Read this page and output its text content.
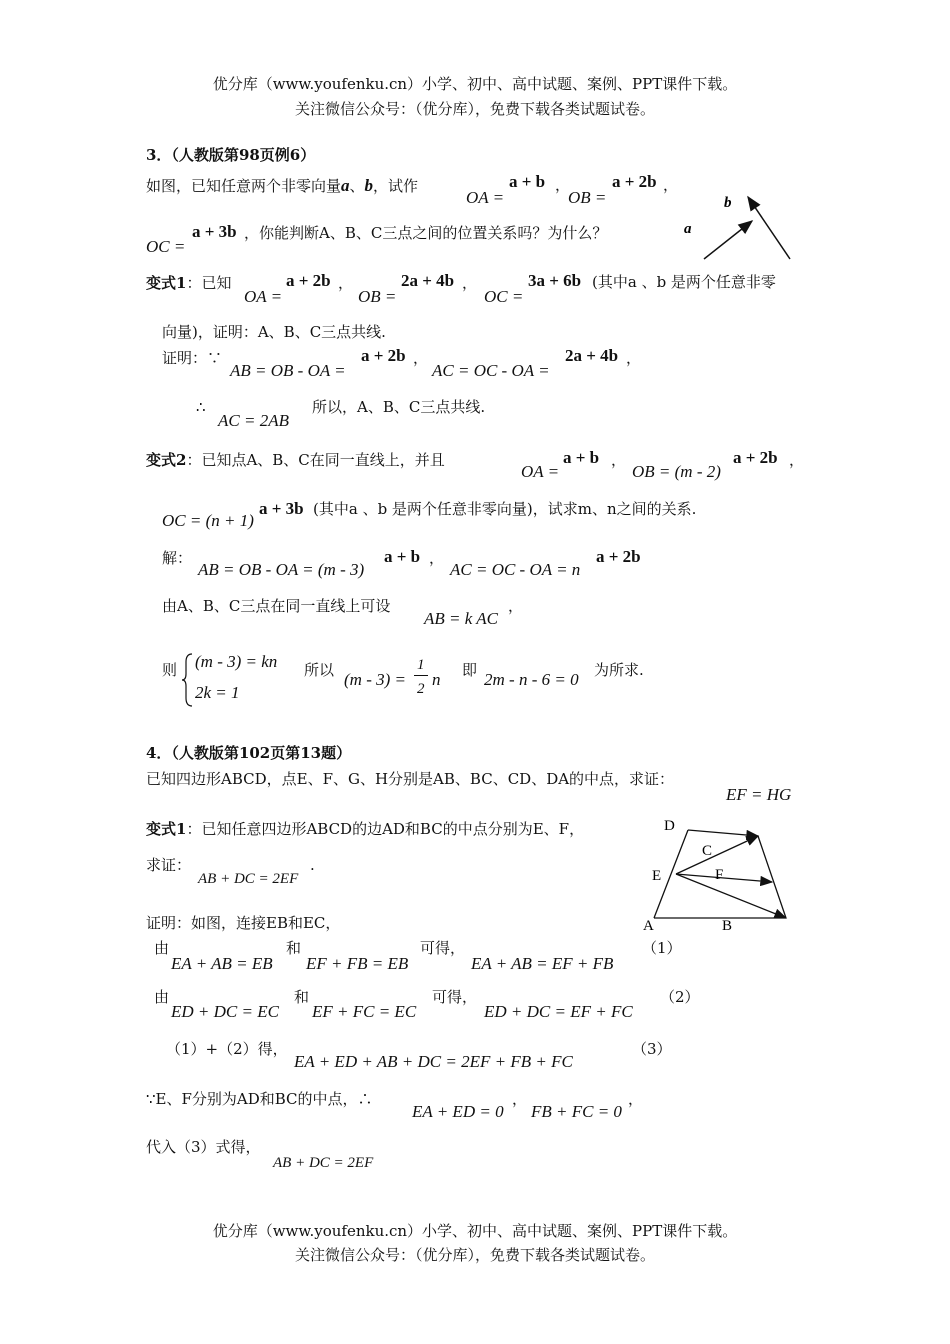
优分库（www.youfenku.cn）小学、初中、高中试题、案例、PPT课件下载。
关注微信公众号：（优分库），免费下载各类试题试卷。
3．（人教版第98页例6）
如图，已知任意两个非零向量a、b，试作
OA =
a + b ，
OB =
a + 2b ，
OC =
a + 3b ，你能判断A、B、C三点之间的位置关系吗？为什么？	a
b
变式1：已知
OA =
a + 2b ，
OB =
2a + 4b ，
OC =
3a + 6b (其中a 、b 是两个任意非零
向量)，证明：A、B、C三点共线.
证明：∵
AB = OB - OA =
a + 2b ，
AC = OC - OA =
2a + 4b ，
∴
AC = 2AB
所以，A、B、C三点共线.
变式2：已知点A、B、C在同一直线上，并且
OA =
a + b ，
OB = (m - 2)
a + 2b ，
OC = (n + 1)
a + 3b (其中a 、b 是两个任意非零向量)，试求m、n之间的关系.
解：
AB = OB - OA = (m - 3)
a + b ，
AC = OC - OA = n
a + 2b
由A、B、C三点在同一直线上可设
AB = k AC
，
则 (m - 3) = kn
2k = 1
所以 (m - 3) =
1
2 n 即 2m - n - 6 = 0 为所求.
4．（人教版第102页第13题）
已知四边形ABCD，点E、F、G、H分别是AB、BC、CD、DA的中点，求证：
EF = HG
变式1：已知任意四边形ABCD的边AD和BC的中点分别为E、F，
求证：
AB + DC = 2EF
.
D
C
E	F
A	B
证明：如图，连接EB和EC，
由
EA + AB = EB
和
EF + FB = EB
可得，
EA + AB = EF + FB
（1）
由
ED + DC = EC
和
EF + FC = EC
可得，
ED + DC = EF + FC
（2）
（1）+（2）得，
EA + ED + AB + DC = 2EF + FB + FC
（3）
∵E、F分别为AD和BC的中点，∴
EA + ED = 0
，
FB + FC = 0
，
代入（3）式得，
AB + DC = 2EF
优分库（www.youfenku.cn）小学、初中、高中试题、案例、PPT课件下载。
关注微信公众号：（优分库），免费下载各类试题试卷。
